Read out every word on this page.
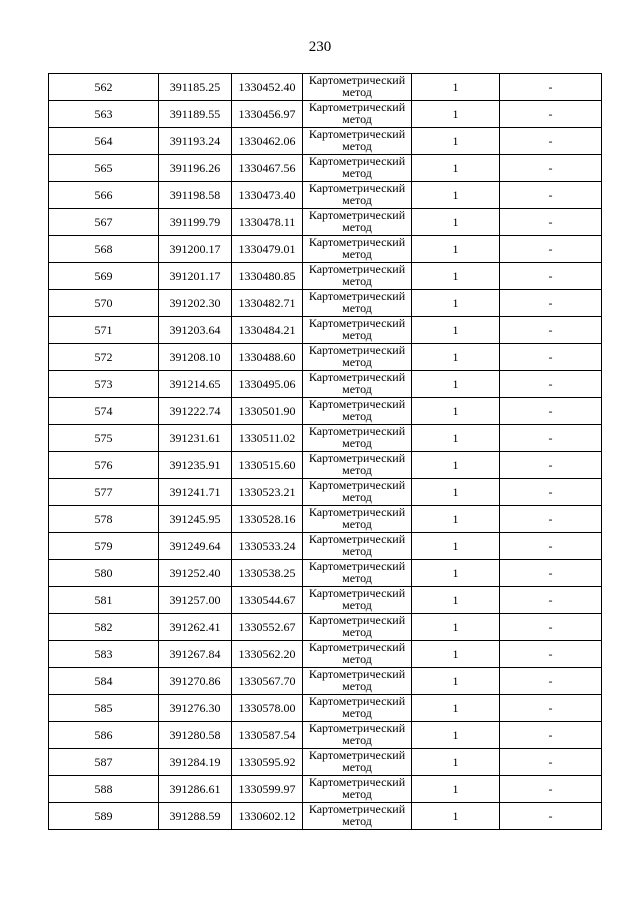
230
562	391185.25	1330452.40	Картометрический метод	1	-
563	391189.55	1330456.97	Картометрический метод	1	-
564	391193.24	1330462.06	Картометрический метод	1	-
565	391196.26	1330467.56	Картометрический метод	1	-
566	391198.58	1330473.40	Картометрический метод	1	-
567	391199.79	1330478.11	Картометрический метод	1	-
568	391200.17	1330479.01	Картометрический метод	1	-
569	391201.17	1330480.85	Картометрический метод	1	-
570	391202.30	1330482.71	Картометрический метод	1	-
571	391203.64	1330484.21	Картометрический метод	1	-
572	391208.10	1330488.60	Картометрический метод	1	-
573	391214.65	1330495.06	Картометрический метод	1	-
574	391222.74	1330501.90	Картометрический метод	1	-
575	391231.61	1330511.02	Картометрический метод	1	-
576	391235.91	1330515.60	Картометрический метод	1	-
577	391241.71	1330523.21	Картометрический метод	1	-
578	391245.95	1330528.16	Картометрический метод	1	-
579	391249.64	1330533.24	Картометрический метод	1	-
580	391252.40	1330538.25	Картометрический метод	1	-
581	391257.00	1330544.67	Картометрический метод	1	-
582	391262.41	1330552.67	Картометрический метод	1	-
583	391267.84	1330562.20	Картометрический метод	1	-
584	391270.86	1330567.70	Картометрический метод	1	-
585	391276.30	1330578.00	Картометрический метод	1	-
586	391280.58	1330587.54	Картометрический метод	1	-
587	391284.19	1330595.92	Картометрический метод	1	-
588	391286.61	1330599.97	Картометрический метод	1	-
589	391288.59	1330602.12	Картометрический метод	1	-
